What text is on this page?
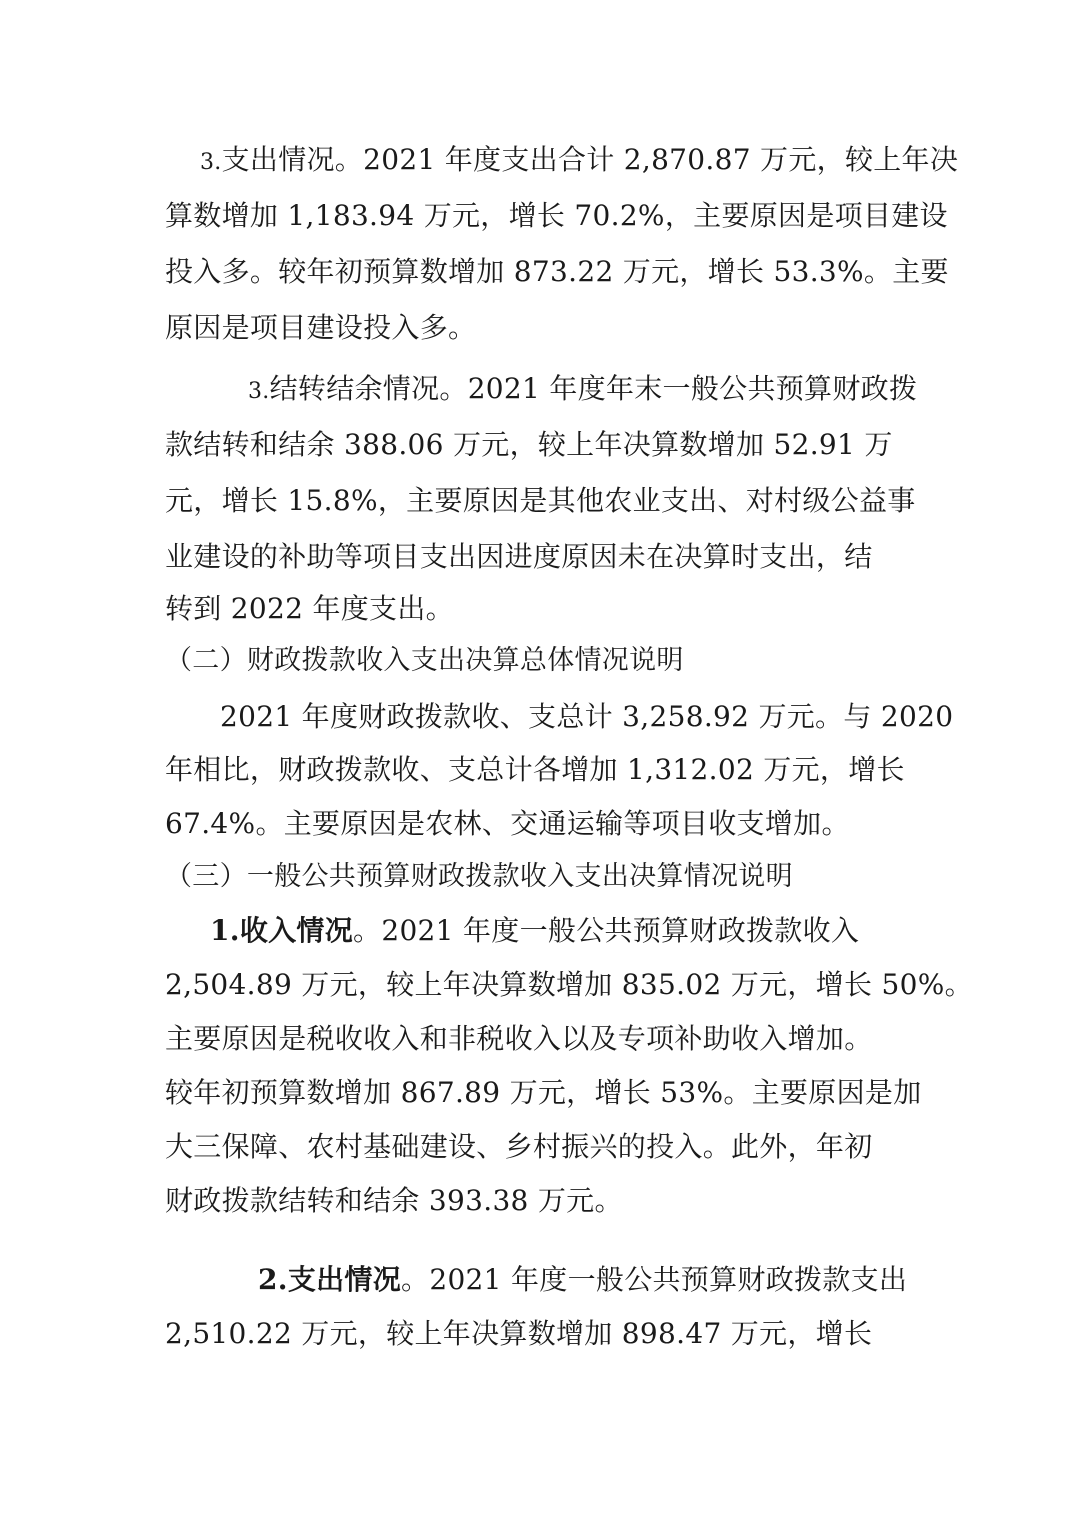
3.支出情况。2021 年度支出合计 2,870.87 万元，较上年决
算数增加 1,183.94 万元，增长 70.2%，主要原因是项目建设
投入多。较年初预算数增加 873.22 万元，增长 53.3%。主要
原因是项目建设投入多。
3.结转结余情况。2021 年度年末一般公共预算财政拨
款结转和结余 388.06 万元，较上年决算数增加 52.91 万
元，增长 15.8%，主要原因是其他农业支出、对村级公益事
业建设的补助等项目支出因进度原因未在决算时支出，结
转到 2022 年度支出。
（二）财政拨款收入支出决算总体情况说明
2021 年度财政拨款收、支总计 3,258.92 万元。与 2020
年相比，财政拨款收、支总计各增加 1,312.02 万元，增长
67.4%。主要原因是农林、交通运输等项目收支增加。
（三）一般公共预算财政拨款收入支出决算情况说明
1.收入情况。2021 年度一般公共预算财政拨款收入
2,504.89 万元，较上年决算数增加 835.02 万元，增长 50%。
主要原因是税收收入和非税收入以及专项补助收入增加。
较年初预算数增加 867.89 万元，增长 53%。主要原因是加
大三保障、农村基础建设、乡村振兴的投入。此外，年初
财政拨款结转和结余 393.38 万元。
2.支出情况。2021 年度一般公共预算财政拨款支出
2,510.22 万元，较上年决算数增加 898.47 万元，增长
